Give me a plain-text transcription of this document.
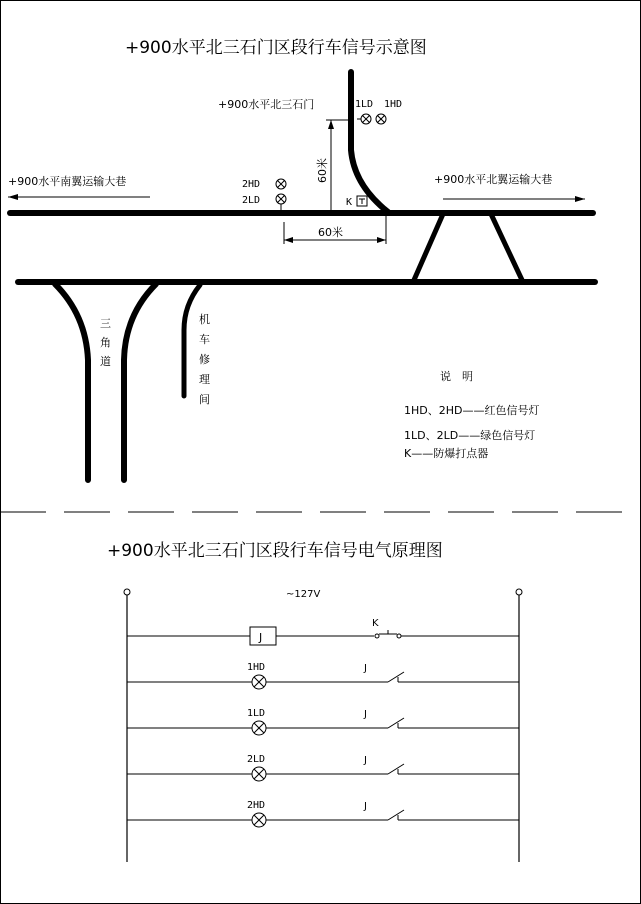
+900水平北三石门区段行车信号示意图
+900水平南翼运输大巷	+900水平北翼运输大巷
+900水平北三石门	1LD 1HD
2HD
2LD
60米
60米
K
三
角
道
机
车
修
理
间
说　明
1HD、2HD——红色信号灯
1LD、2LD——绿色信号灯
K——防爆打点器
+900水平北三石门区段行车信号电气原理图
~127V
J
K
1HD	J
1LD	J
2LD	J
2HD	J
